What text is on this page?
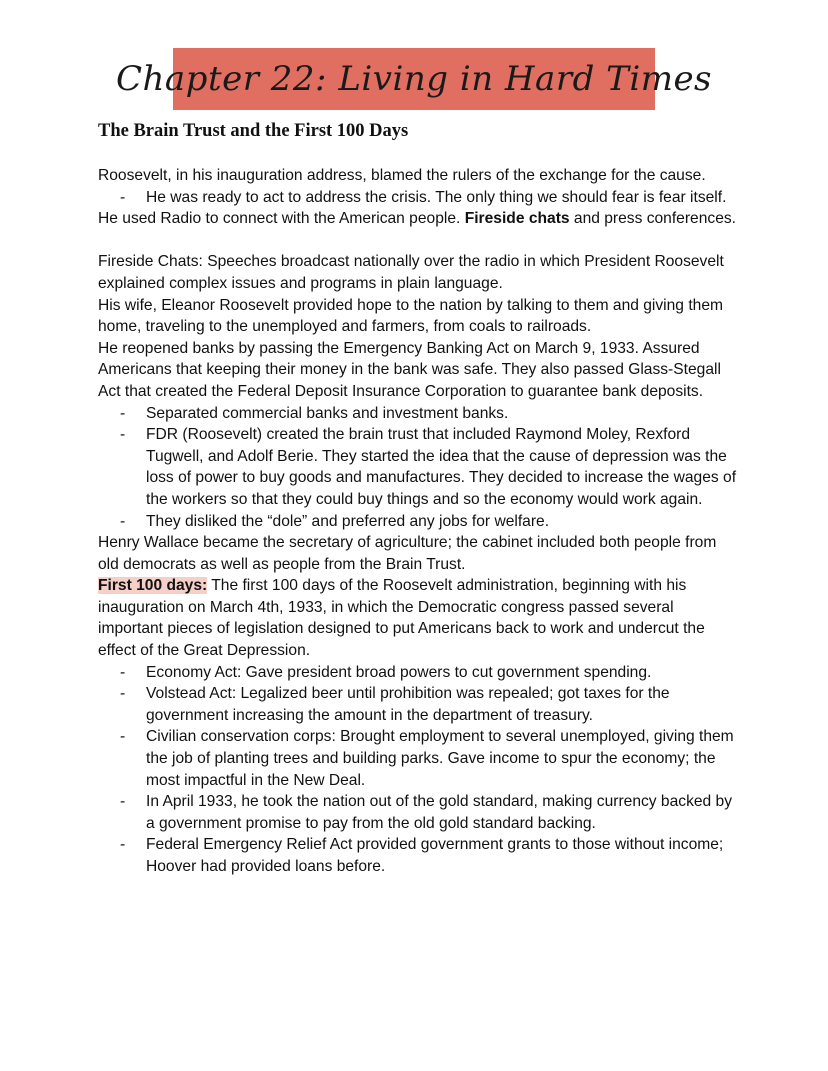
Chapter 22: Living in Hard Times
The Brain Trust and the First 100 Days

Roosevelt, in his inauguration address, blamed the rulers of the exchange for the cause.

- He was ready to act to address the crisis. The only thing we should fear is fear itself.

He used Radio to connect with the American people. Fireside chats and press conferences.

Fireside Chats: Speeches broadcast nationally over the radio in which President Roosevelt explained complex issues and programs in plain language.

His wife, Eleanor Roosevelt provided hope to the nation by talking to them and giving them home, traveling to the unemployed and farmers, from coals to railroads.

He reopened banks by passing the Emergency Banking Act on March 9, 1933. Assured Americans that keeping their money in the bank was safe. They also passed Glass-Stegall Act that created the Federal Deposit Insurance Corporation to guarantee bank deposits.

- Separated commercial banks and investment banks.
- FDR (Roosevelt) created the brain trust that included Raymond Moley, Rexford Tugwell, and Adolf Berie. They started the idea that the cause of depression was the loss of power to buy goods and manufactures. They decided to increase the wages of the workers so that they could buy things and so the economy would work again.
- They disliked the “dole” and preferred any jobs for welfare.

Henry Wallace became the secretary of agriculture; the cabinet included both people from old democrats as well as people from the Brain Trust.

First 100 days: The first 100 days of the Roosevelt administration, beginning with his inauguration on March 4th, 1933, in which the Democratic congress passed several important pieces of legislation designed to put Americans back to work and undercut the effect of the Great Depression.

- Economy Act: Gave president broad powers to cut government spending.
- Volstead Act: Legalized beer until prohibition was repealed; got taxes for the government increasing the amount in the department of treasury.
- Civilian conservation corps: Brought employment to several unemployed, giving them the job of planting trees and building parks. Gave income to spur the economy; the most impactful in the New Deal.
- In April 1933, he took the nation out of the gold standard, making currency backed by a government promise to pay from the old gold standard backing.
- Federal Emergency Relief Act provided government grants to those without income; Hoover had provided loans before.
